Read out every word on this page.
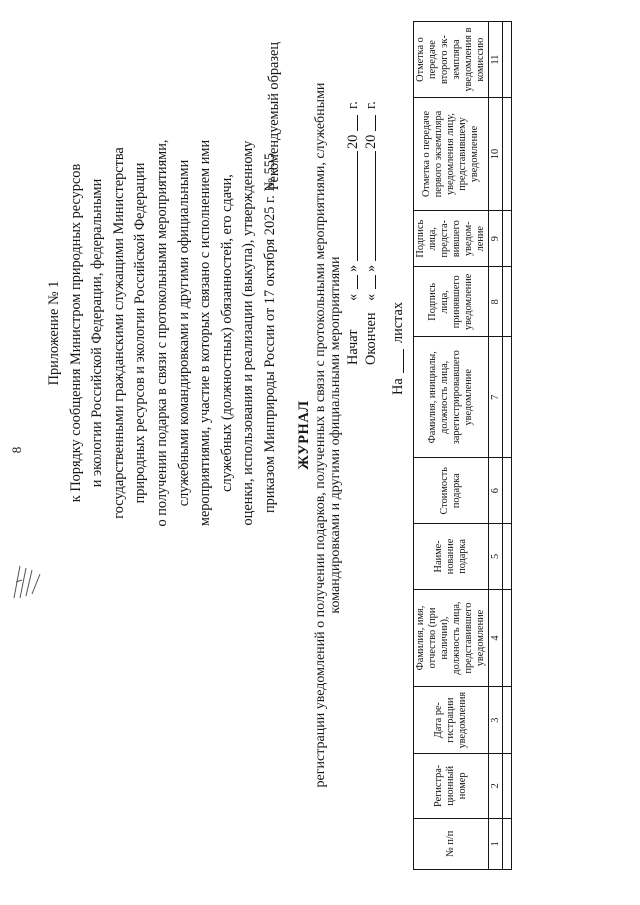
8
Приложение № 1 к Порядку сообщения Министром природных ресурсов и экологии Российской Федерации, федеральными государственными гражданскими служащими Министерства природных ресурсов и экологии Российской Федерации о получении подарка в связи с протокольными мероприятиями, служебными командировками и другими официальными мероприятиями, участие в которых связано с исполнением ими служебных (должностных) обязанностей, его сдачи, оценки, использования и реализации (выкупа), утвержденному приказом Минприроды России от 17 октября 2025 г. № 555
Рекомендуемый образец
ЖУРНАЛ регистрации уведомлений о получении подарков, полученных в связи с протокольными мероприятиями, служебными командировками и другими официальными мероприятиями Начат
«
»
20
г.
Окончен
«
»
20
г.
На
листах
№ п/п	Регистрационный номер	Дата регистрации уведомления	Фамилия, имя, отчество (при наличии), должность лица, представившего уведомление	Наименование подарка	Стоимость подарка	Фамилия, инициалы, должность лица, зарегистрировавшего уведомление	Подпись лица, принявшего уведомление	Подпись лица, представившего уведомление	Отметка о передаче первого экземпляра уведомления лицу, представившему уведомление	Отметка о передаче второго экземпляра уведомления в комиссию
1	2	3	4	5	6	7	8	9	10	11
